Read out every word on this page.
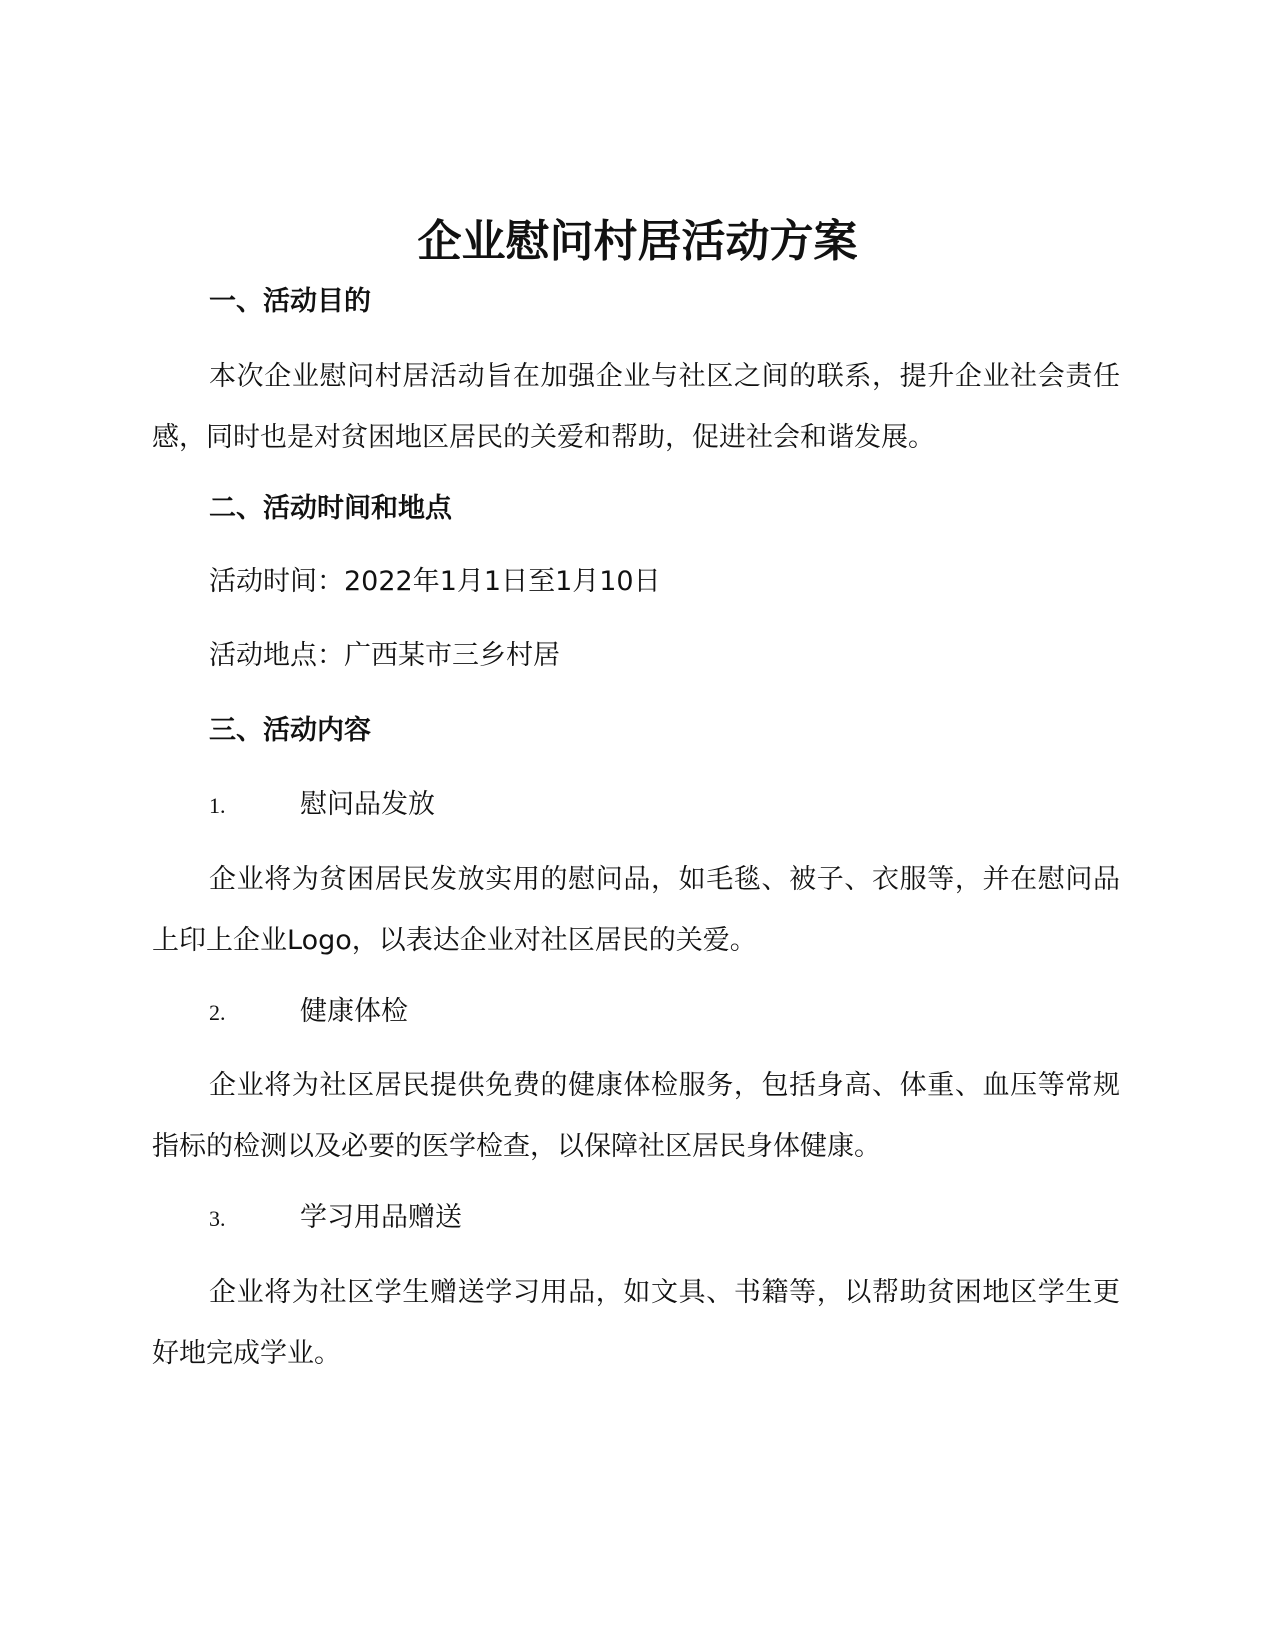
企业慰问村居活动方案
一、活动目的
本次企业慰问村居活动旨在加强企业与社区之间的联系，提升企业社会责任感，同时也是对贫困地区居民的关爱和帮助，促进社会和谐发展。
二、活动时间和地点
活动时间：2022年1月1日至1月10日
活动地点：广西某市三乡村居
三、活动内容
1.	慰问品发放
企业将为贫困居民发放实用的慰问品，如毛毯、被子、衣服等，并在慰问品上印上企业Logo，以表达企业对社区居民的关爱。
2.	健康体检
企业将为社区居民提供免费的健康体检服务，包括身高、体重、血压等常规指标的检测以及必要的医学检查，以保障社区居民身体健康。
3.	学习用品赠送
企业将为社区学生赠送学习用品，如文具、书籍等，以帮助贫困地区学生更好地完成学业。
